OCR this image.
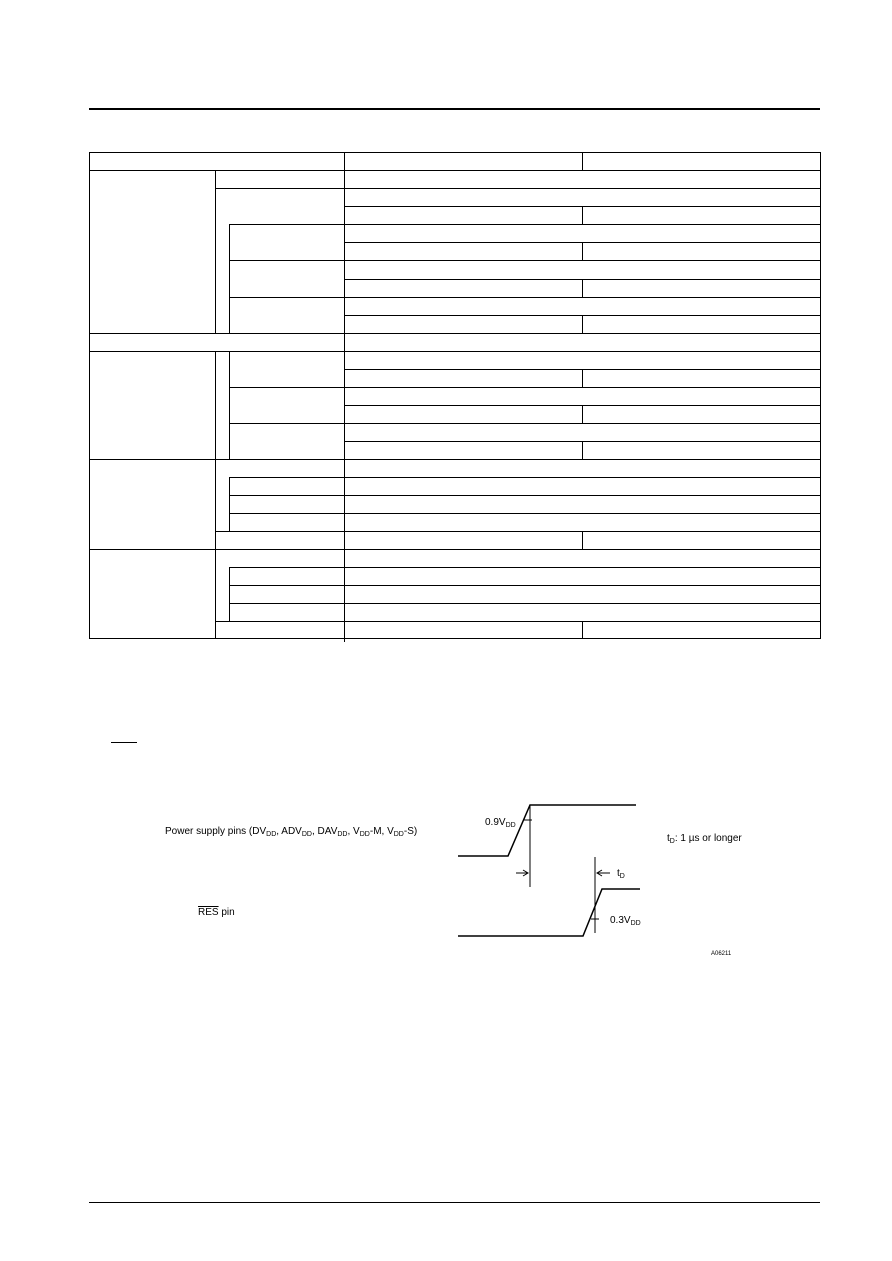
Power supply pins ($DV_{DD}$, $ADV_{DD}$, $DAV_{DD}$, $V_{DD}-M$, $V_{DD}-S$)
$\overline{RES}$ pin
$0.9V_{DD}$
$0.3V_{DD}$
$t_D$
$t_D$: 1 µs or longer
A06211
